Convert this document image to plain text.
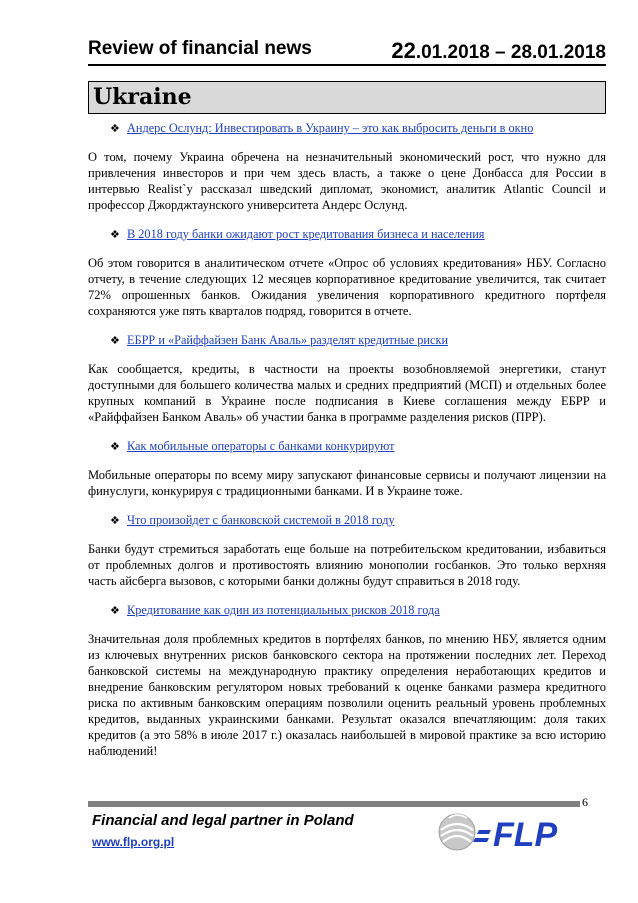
Review of financial news	22.01.2018 – 28.01.2018
Ukraine
❖ Андерс Ослунд: Инвестировать в Украину – это как выбросить деньги в окно

О том, почему Украина обречена на незначительный экономический рост, что нужно для привлечения инвесторов и при чем здесь власть, а также о цене Донбасса для России в интервью Realist`у рассказал шведский дипломат, экономист, аналитик Atlantic Council и профессор Джорджтаунского университета Андерс Ослунд.

❖ В 2018 году банки ожидают рост кредитования бизнеса и населения

Об этом говорится в аналитическом отчете «Опрос об условиях кредитования» НБУ. Согласно отчету, в течение следующих 12 месяцев корпоративное кредитование увеличится, так считает 72% опрошенных банков. Ожидания увеличения корпоративного кредитного портфеля сохраняются уже пять кварталов подряд, говорится в отчете.

❖ ЕБРР и «Райффайзен Банк Аваль» разделят кредитные риски

Как сообщается, кредиты, в частности на проекты возобновляемой энергетики, станут доступными для большего количества малых и средних предприятий (МСП) и отдельных более крупных компаний в Украине после подписания в Киеве соглашения между ЕБРР и «Райффайзен Банком Аваль» об участии банка в программе разделения рисков (ПРР).

❖ Как мобильные операторы с банками конкурируют

Мобильные операторы по всему миру запускают финансовые сервисы и получают лицензии на финуслуги, конкурируя с традиционными банками. И в Украине тоже.

❖ Что произойдет с банковской системой в 2018 году

Банки будут стремиться заработать еще больше на потребительском кредитовании, избавиться от проблемных долгов и противостоять влиянию монополии госбанков. Это только верхняя часть айсберга вызовов, с которыми банки должны будут справиться в 2018 году.

❖ Кредитование как один из потенциальных рисков 2018 года

Значительная доля проблемных кредитов в портфелях банков, по мнению НБУ, является одним из ключевых внутренних рисков банковского сектора на протяжении последних лет. Переход банковской системы на международную практику определения неработающих кредитов и внедрение банковским регулятором новых требований к оценке банками размера кредитного риска по активным банковским операциям позволили оценить реальный уровень проблемных кредитов, выданных украинскими банками. Результат оказался впечатляющим: доля таких кредитов (а это 58% в июле 2017 г.) оказалась наибольшей в мировой практике за всю историю наблюдений!

6
Financial and legal partner in Poland
www.flp.org.pl	FLP
